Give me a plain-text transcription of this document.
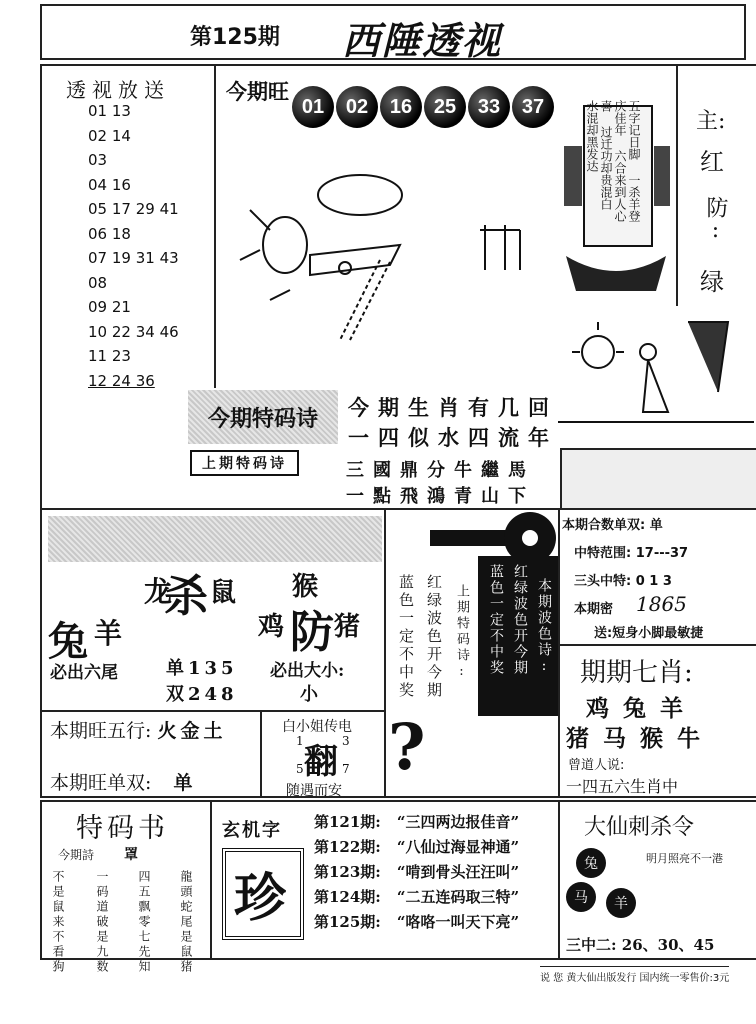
第125期 西陲透视
透视放送
01 13
02 14
03
04 16
05 17 29 41
06 18
07 19 31 43
08
09 21
10 22 34 46
11 23
12 24 36
今期旺
01	02	16	25	33	37	五字记日脚 一杀羊登庆佳年 六合来到人心喜 过迁功却贵混白 水混却黑发达	主:
红
防:
绿
今期特码诗 今期生肖有几回
一四似水四流年
上期特码诗	三國鼎分牛繼馬
一點飛鴻青山下
龙
杀 鼠 猴
兔 羊	鸡 防 猪
必出六尾	单135
双248
必出大小:
小
本期旺五行: 火金土
本期旺单双: 单
白小姐传电
1	3
翻
5	7
随遇而安
蓝色一定不中奖 红绿波色开今期 上期特码诗: 蓝色一定不中奖 红绿波色开今期 本期波色诗:
?
本期合数单双: 单
中特范围: 17---37
三头中特: 0 1 3
本期密 1865
送:短身小脚最敏捷
期期七肖:
鸡兔羊
猪马猴牛
曾道人说:
一四五六生肖中
特码书
今期詩 罩
不是鼠来不看狗	一码道破是九数 四五飘零七先知 龍頭蛇尾是鼠猪
玄机字
珍
第121期: “三四两边报佳音”
第122期: “八仙过海显神通”
第123期: “啃到骨头汪汪叫”
第124期: “二五连码取三特”
第125期: “咯咯一叫天下亮”
大仙刺杀令
明月照亮不一港
兔
马	羊
三中二: 26、30、45
说 您 黄大仙出版发行 国内统一零售价:3元
